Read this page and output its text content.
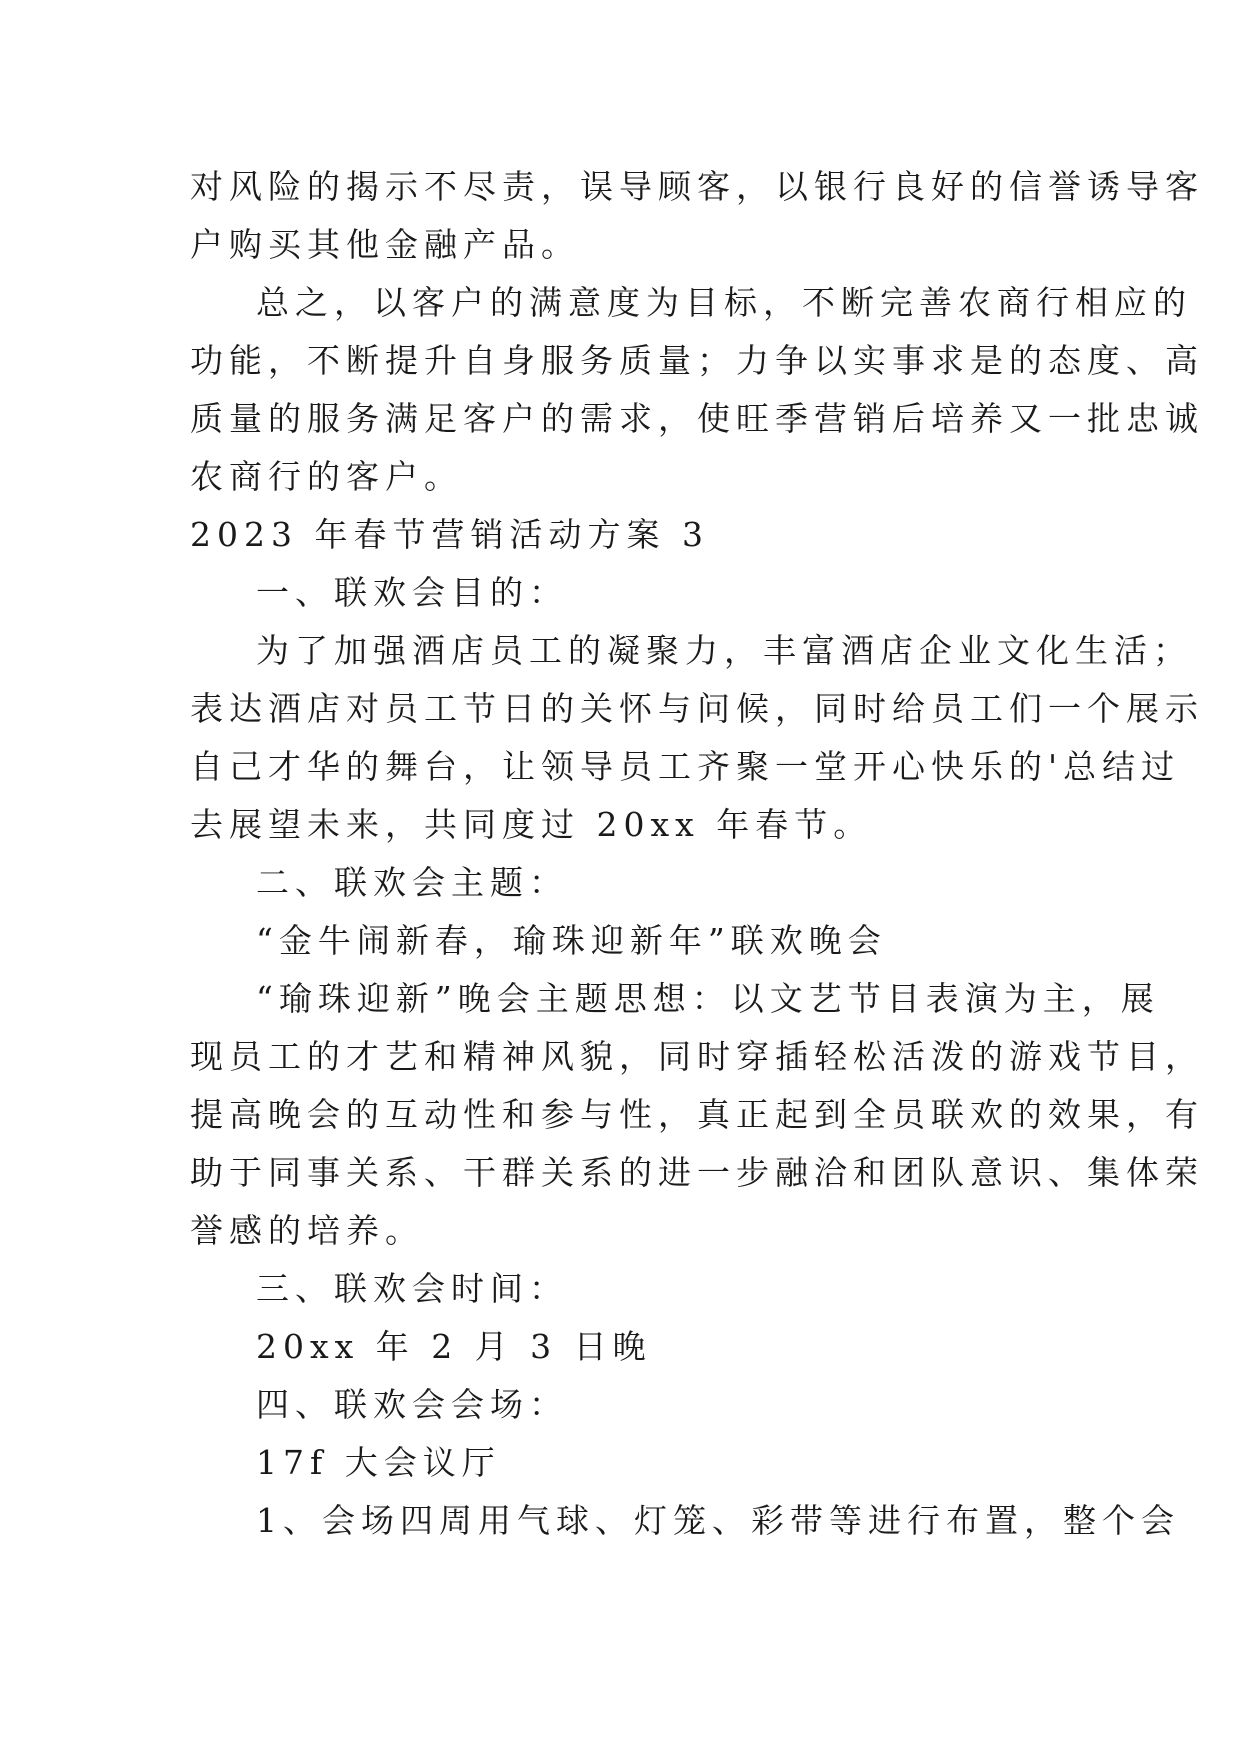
对风险的揭示不尽责，误导顾客，以银行良好的信誉诱导客
户购买其他金融产品。
总之，以客户的满意度为目标，不断完善农商行相应的
功能，不断提升自身服务质量；力争以实事求是的态度、高
质量的服务满足客户的需求，使旺季营销后培养又一批忠诚
农商行的客户。
2023 年春节营销活动方案 3
一、联欢会目的：
为了加强酒店员工的凝聚力，丰富酒店企业文化生活；
表达酒店对员工节日的关怀与问候，同时给员工们一个展示
自己才华的舞台，让领导员工齐聚一堂开心快乐的'总结过
去展望未来，共同度过 20xx 年春节。
二、联欢会主题：
“金牛闹新春，瑜珠迎新年”联欢晚会
“瑜珠迎新”晚会主题思想：以文艺节目表演为主，展
现员工的才艺和精神风貌，同时穿插轻松活泼的游戏节目，
提高晚会的互动性和参与性，真正起到全员联欢的效果，有
助于同事关系、干群关系的进一步融洽和团队意识、集体荣
誉感的培养。
三、联欢会时间：
20xx 年 2 月 3 日晚
四、联欢会会场：
17f 大会议厅
1、会场四周用气球、灯笼、彩带等进行布置，整个会
